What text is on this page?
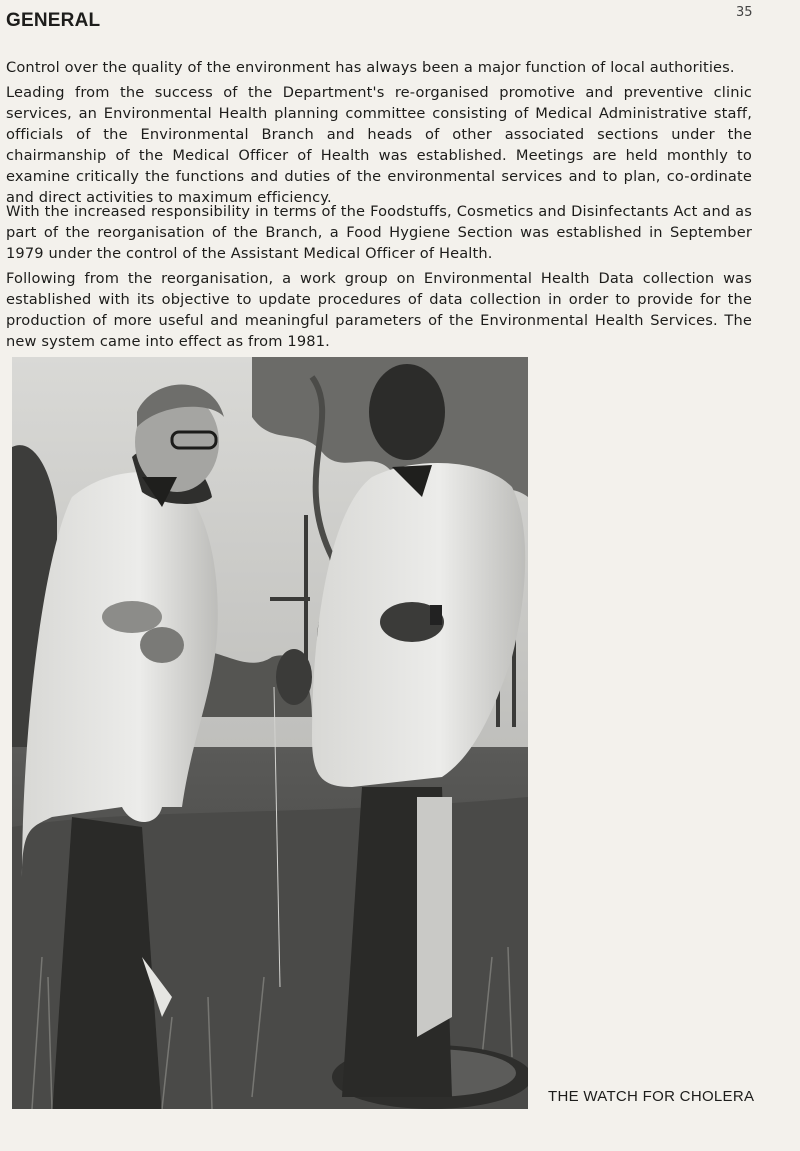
GENERAL	35

Control over the quality of the environment has always been a major function of local authorities.

Leading from the success of the Department's re-organised promotive and preventive clinic services, an Environmental Health planning committee consisting of Medical Administrative staff, officials of the Environmental Branch and heads of other associated sections under the chairmanship of the Medical Officer of Health was established. Meetings are held monthly to examine critically the functions and duties of the environmental services and to plan, co-ordinate and direct activities to maximum efficiency.

With the increased responsibility in terms of the Foodstuffs, Cosmetics and Disinfectants Act and as part of the reorganisation of the Branch, a Food Hygiene Section was established in September 1979 under the control of the Assistant Medical Officer of Health.

Following from the reorganisation, a work group on Environmental Health Data collection was established with its objective to update procedures of data collection in order to provide for the production of more useful and meaningful parameters of the Environmental Health Services. The new system came into effect as from 1981.

THE WATCH FOR CHOLERA
